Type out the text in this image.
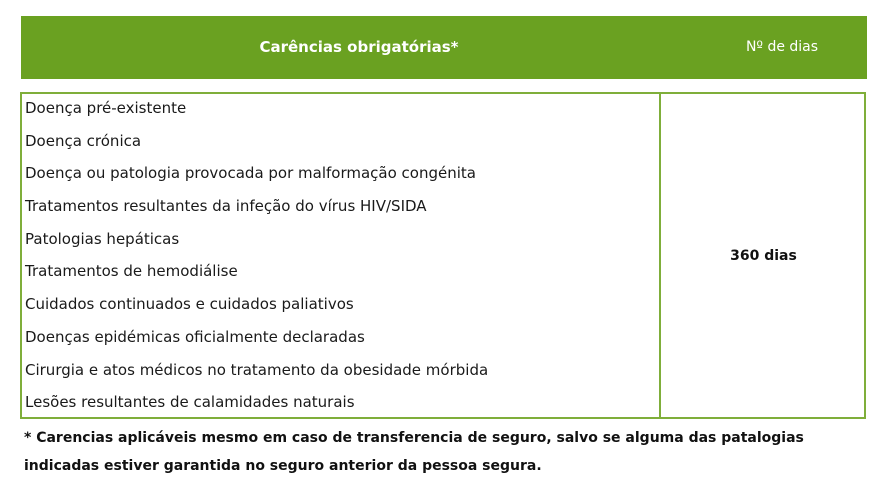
Carências obrigatórias*	Nº de dias
Doença pré-existente
Doença crónica
Doença ou patologia provocada por malformação congénita
Tratamentos resultantes da infeção do vírus HIV/SIDA
Patologias hepáticas
Tratamentos de hemodiálise
Cuidados continuados e cuidados paliativos
Doenças epidémicas oficialmente declaradas
Cirurgia e atos médicos no tratamento da obesidade mórbida
Lesões resultantes de calamidades naturais
360 dias
* Carencias aplicáveis mesmo em caso de transferencia de seguro, salvo se alguma das patalogias
indicadas estiver garantida no seguro anterior da pessoa segura.
